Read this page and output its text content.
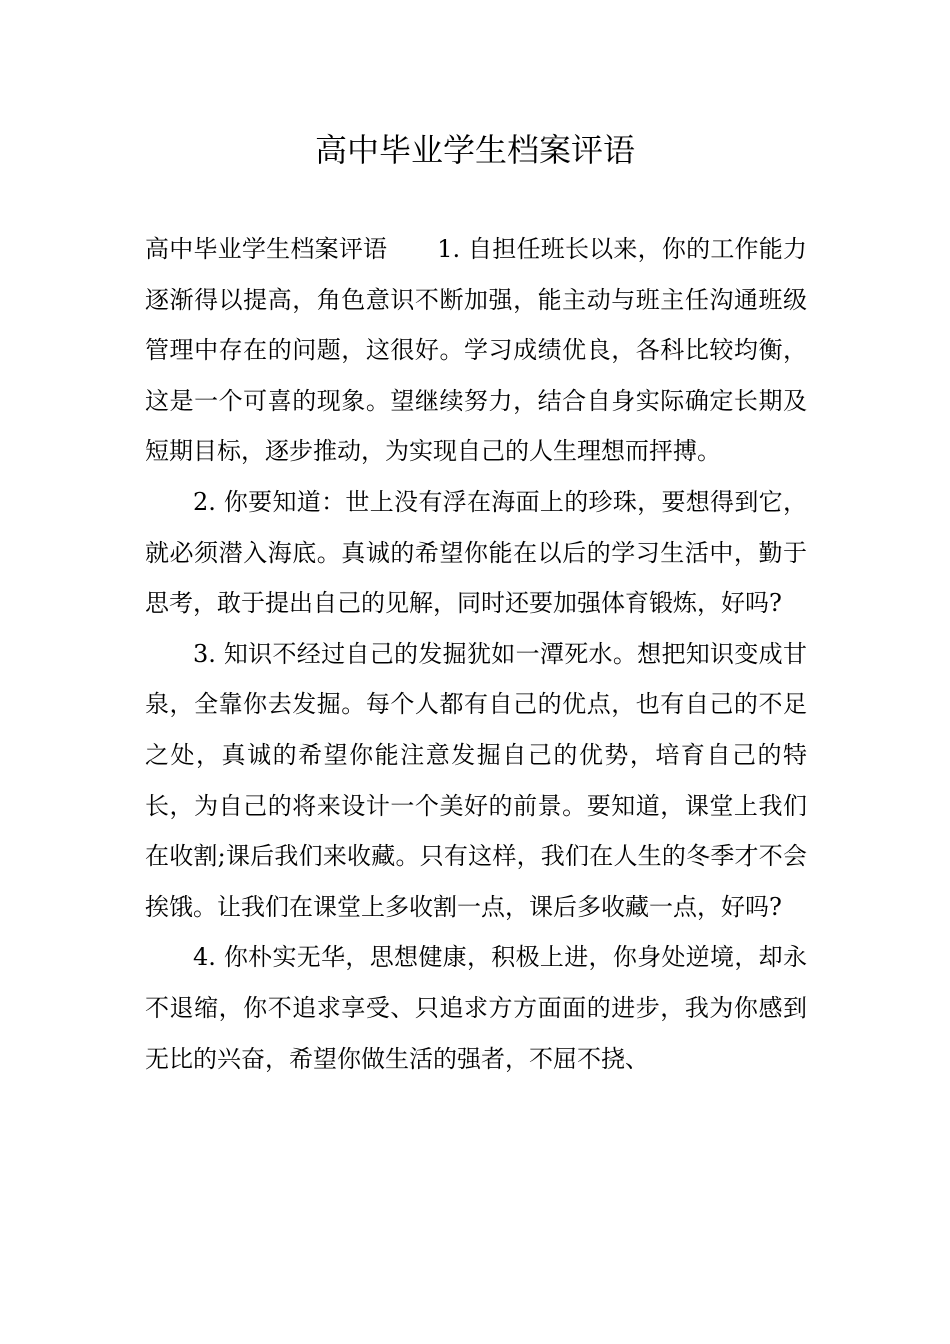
高中毕业学生档案评语

高中毕业学生档案评语 1. 自担任班长以来，你的工作能力逐渐得以提高，角色意识不断加强，能主动与班主任沟通班级管理中存在的问题，这很好。学习成绩优良，各科比较均衡，这是一个可喜的现象。望继续努力，结合自身实际确定长期及短期目标，逐步推动，为实现自己的人生理想而抨搏。

2. 你要知道：世上没有浮在海面上的珍珠，要想得到它，就必须潜入海底。真诚的希望你能在以后的学习生活中，勤于思考，敢于提出自己的见解，同时还要加强体育锻炼，好吗?

3. 知识不经过自己的发掘犹如一潭死水。想把知识变成甘泉，全靠你去发掘。每个人都有自己的优点，也有自己的不足之处，真诚的希望你能注意发掘自己的优势，培育自己的特长，为自己的将来设计一个美好的前景。要知道，课堂上我们在收割;课后我们来收藏。只有这样，我们在人生的冬季才不会挨饿。让我们在课堂上多收割一点，课后多收藏一点，好吗?

4. 你朴实无华，思想健康，积极上进，你身处逆境，却永不退缩，你不追求享受、只追求方方面面的进步，我为你感到无比的兴奋，希望你做生活的强者，不屈不挠、
